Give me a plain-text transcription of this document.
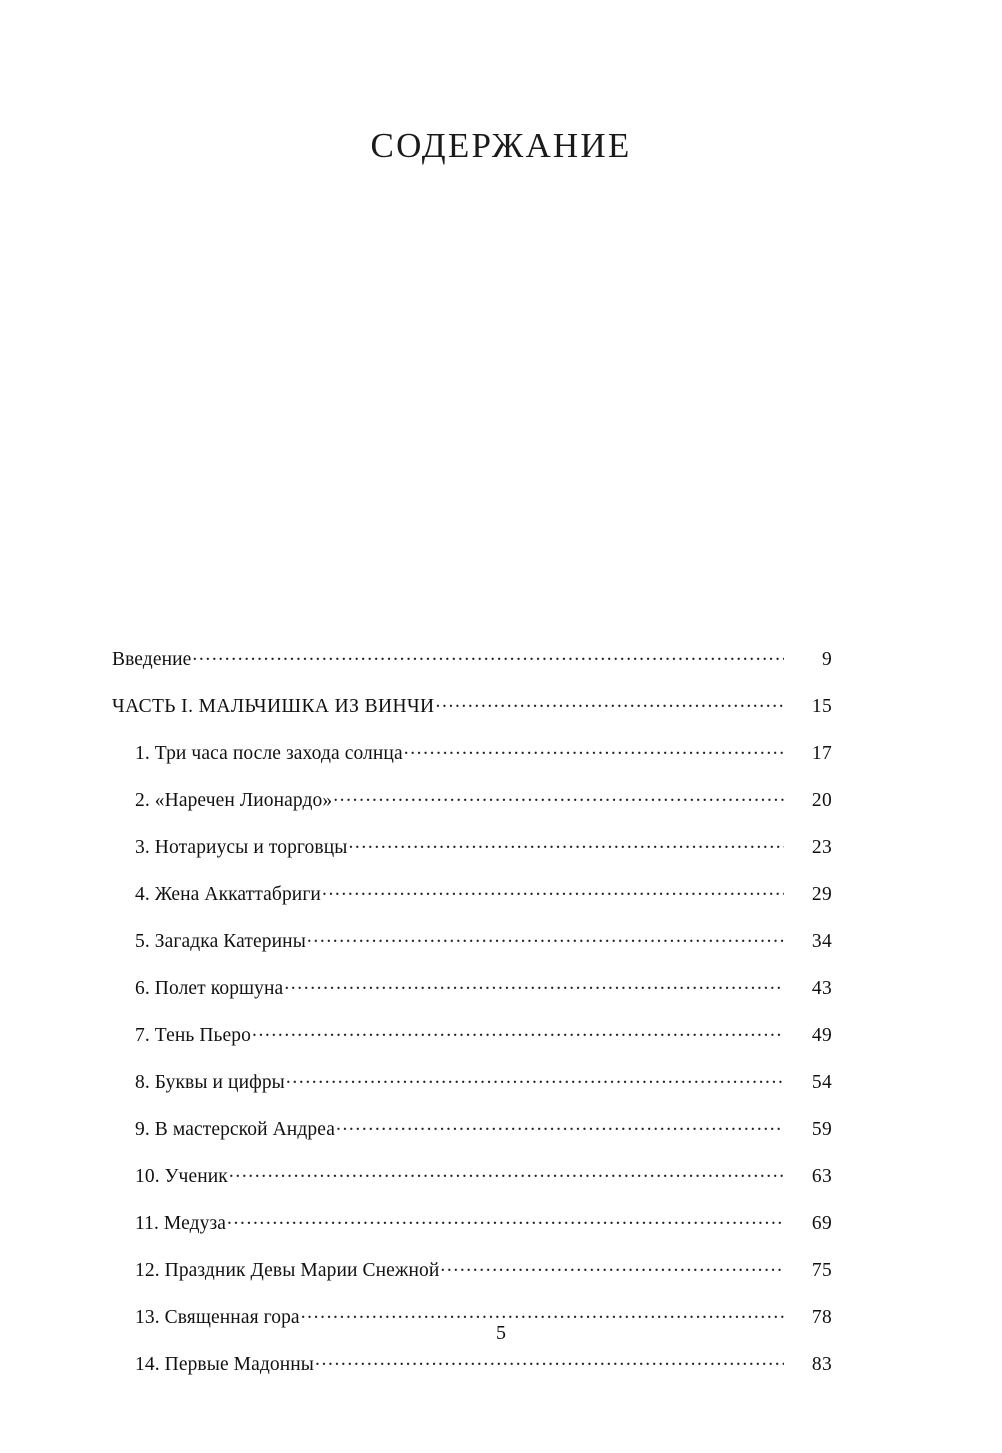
СОДЕРЖАНИЕ
Введение .....	9
ЧАСТЬ I. МАЛЬЧИШКА ИЗ ВИНЧИ .....	15
1. Три часа после захода солнца .....	17
2. «Наречен Лионардо» .....	20
3. Нотариусы и торговцы .....	23
4. Жена Аккаттабриги .....	29
5. Загадка Катерины .....	34
6. Полет коршуна .....	43
7. Тень Пьеро .....	49
8. Буквы и цифры .....	54
9. В мастерской Андреа .....	59
10. Ученик .....	63
11. Медуза .....	69
12. Праздник Девы Марии Снежной .....	75
13. Священная гора .....	78
14. Первые Мадонны .....	83
5
